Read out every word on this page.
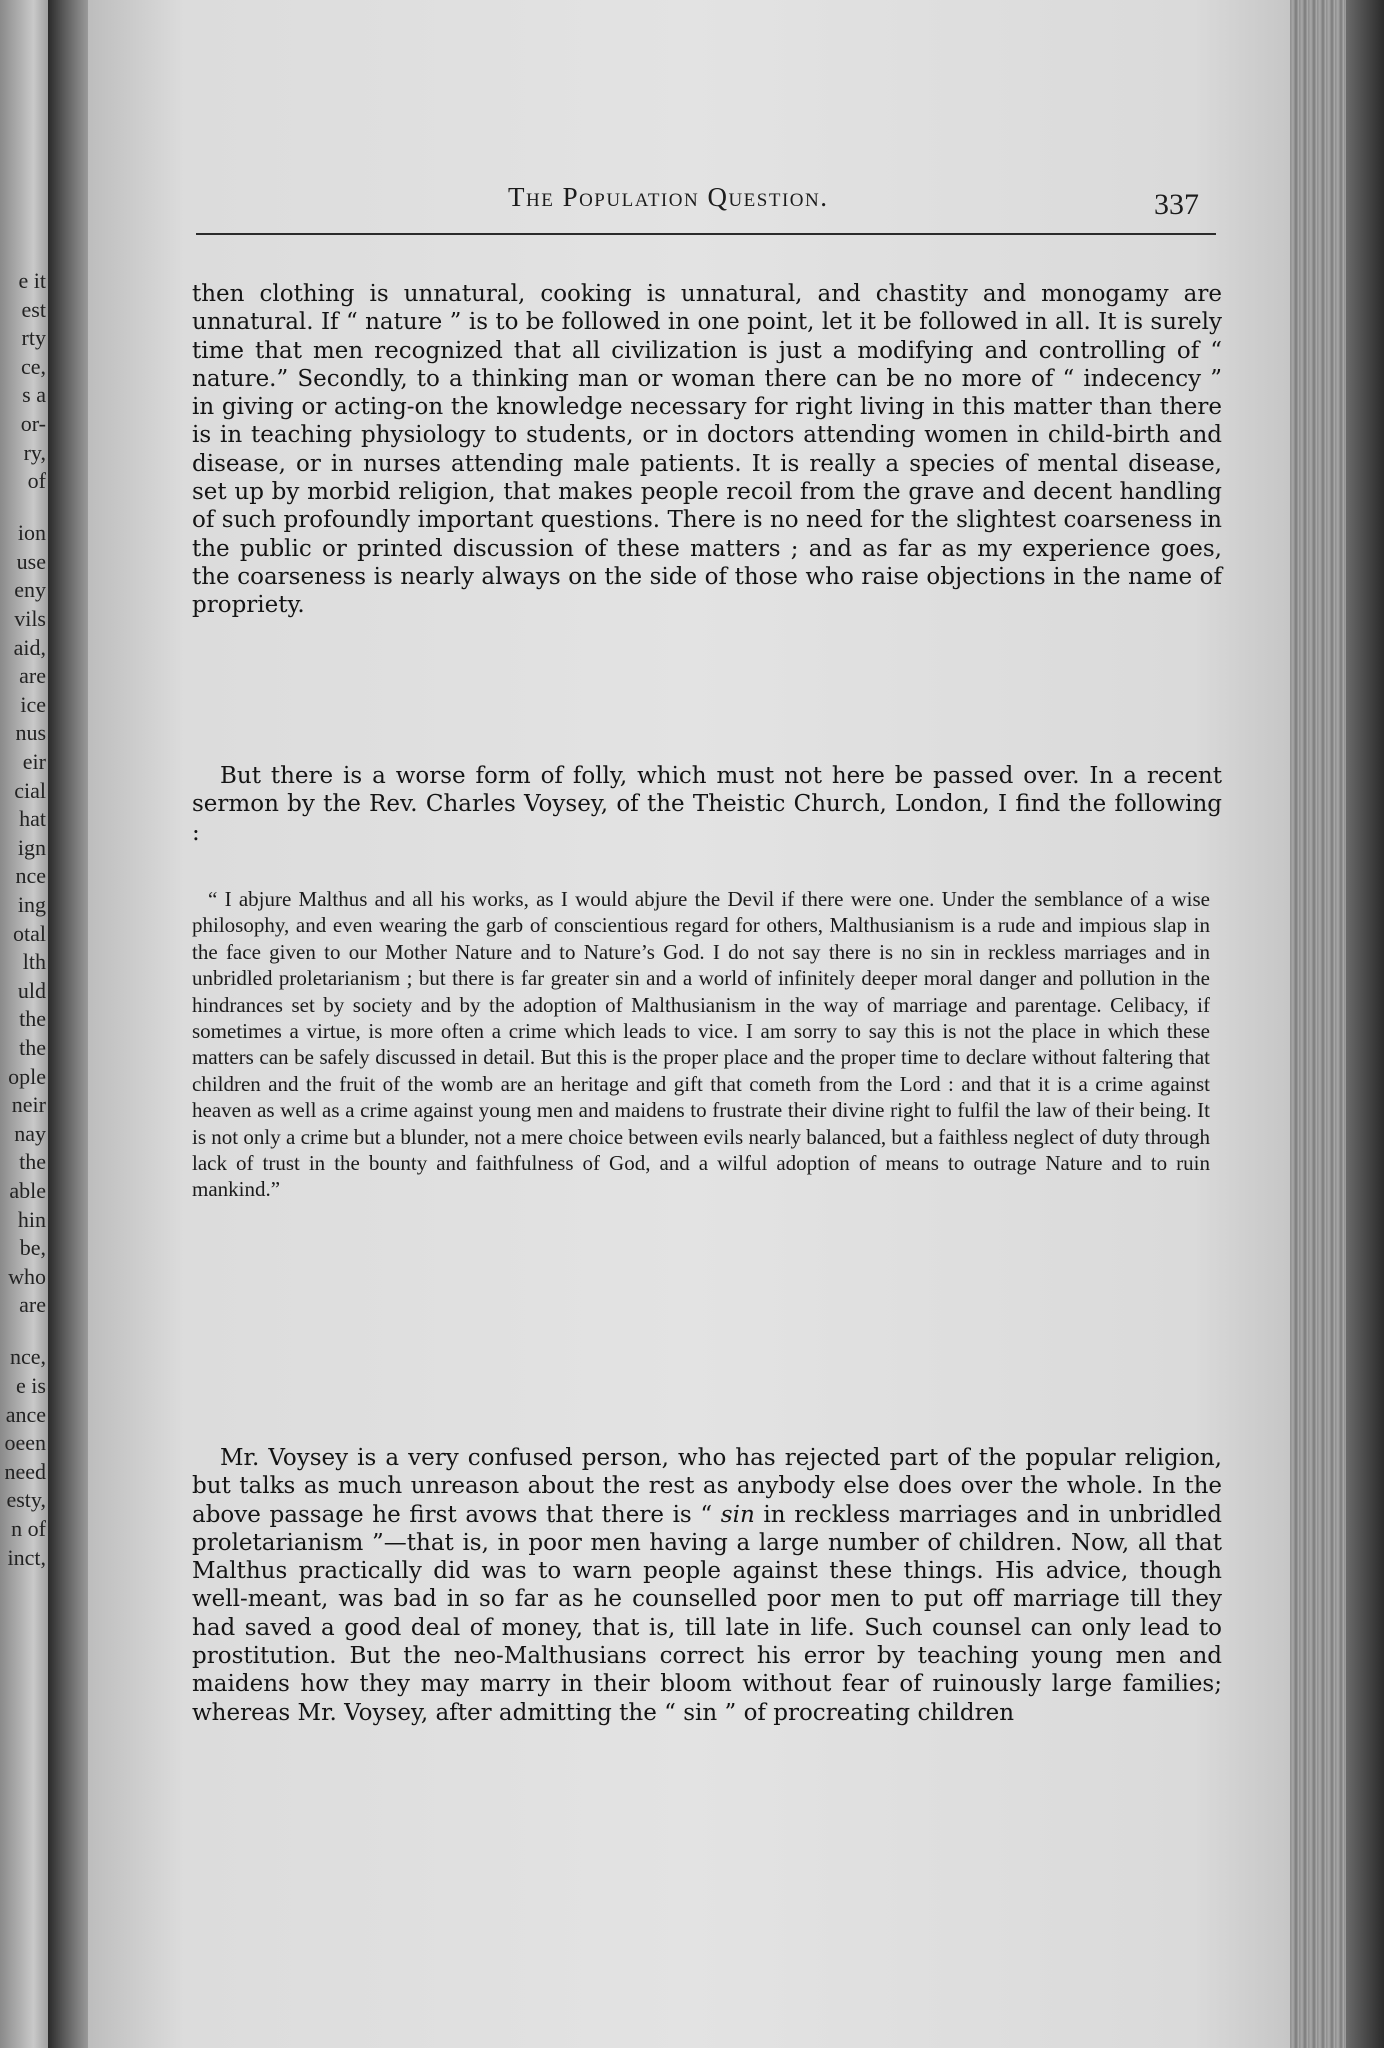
e it
est
rty
ce,
s a
or-
ry,
of
ion
use
eny
vils
aid,
are
ice
nus
eir
cial
hat
ign
nce
ing
otal
lth
uld
the
the
ople
neir
nay
the
able
hin
be,
who
are
nce,
e is
ance
oeen
need
esty,
n of
inct,
The Population Question.	337
then clothing is unnatural, cooking is unnatural, and chastity and monogamy are unnatural. If “ nature ” is to be followed in one point, let it be followed in all. It is surely time that men recognized that all civilization is just a modifying and controlling of “ nature.” Secondly, to a thinking man or woman there can be no more of “ indecency ” in giving or acting-on the knowledge necessary for right living in this matter than there is in teaching physiology to students, or in doctors attending women in child-birth and disease, or in nurses attending male patients. It is really a species of mental disease, set up by morbid religion, that makes people recoil from the grave and decent handling of such profoundly important questions. There is no need for the slightest coarseness in the public or printed discussion of these matters ; and as far as my experience goes, the coarseness is nearly always on the side of those who raise objections in the name of propriety.
But there is a worse form of folly, which must not here be passed over. In a recent sermon by the Rev. Charles Voysey, of the Theistic Church, London, I find the following :
“ I abjure Malthus and all his works, as I would abjure the Devil if there were one. Under the semblance of a wise philosophy, and even wearing the garb of conscientious regard for others, Malthusianism is a rude and impious slap in the face given to our Mother Nature and to Nature’s God. I do not say there is no sin in reckless marriages and in unbridled proletarianism ; but there is far greater sin and a world of infinitely deeper moral danger and pollution in the hindrances set by society and by the adoption of Malthusianism in the way of marriage and parentage. Celibacy, if sometimes a virtue, is more often a crime which leads to vice. I am sorry to say this is not the place in which these matters can be safely discussed in detail. But this is the proper place and the proper time to declare without faltering that children and the fruit of the womb are an heritage and gift that cometh from the Lord : and that it is a crime against heaven as well as a crime against young men and maidens to frustrate their divine right to fulfil the law of their being. It is not only a crime but a blunder, not a mere choice between evils nearly balanced, but a faithless neglect of duty through lack of trust in the bounty and faithfulness of God, and a wilful adoption of means to outrage Nature and to ruin mankind.”
Mr. Voysey is a very confused person, who has rejected part of the popular religion, but talks as much unreason about the rest as anybody else does over the whole. In the above passage he first avows that there is “ sin in reckless marriages and in unbridled proletarianism ”—that is, in poor men having a large number of children. Now, all that Malthus practically did was to warn people against these things. His advice, though well-meant, was bad in so far as he counselled poor men to put off marriage till they had saved a good deal of money, that is, till late in life. Such counsel can only lead to prostitution. But the neo-Malthusians correct his error by teaching young men and maidens how they may marry in their bloom without fear of ruinously large families; whereas Mr. Voysey, after admitting the “ sin ” of procreating children
